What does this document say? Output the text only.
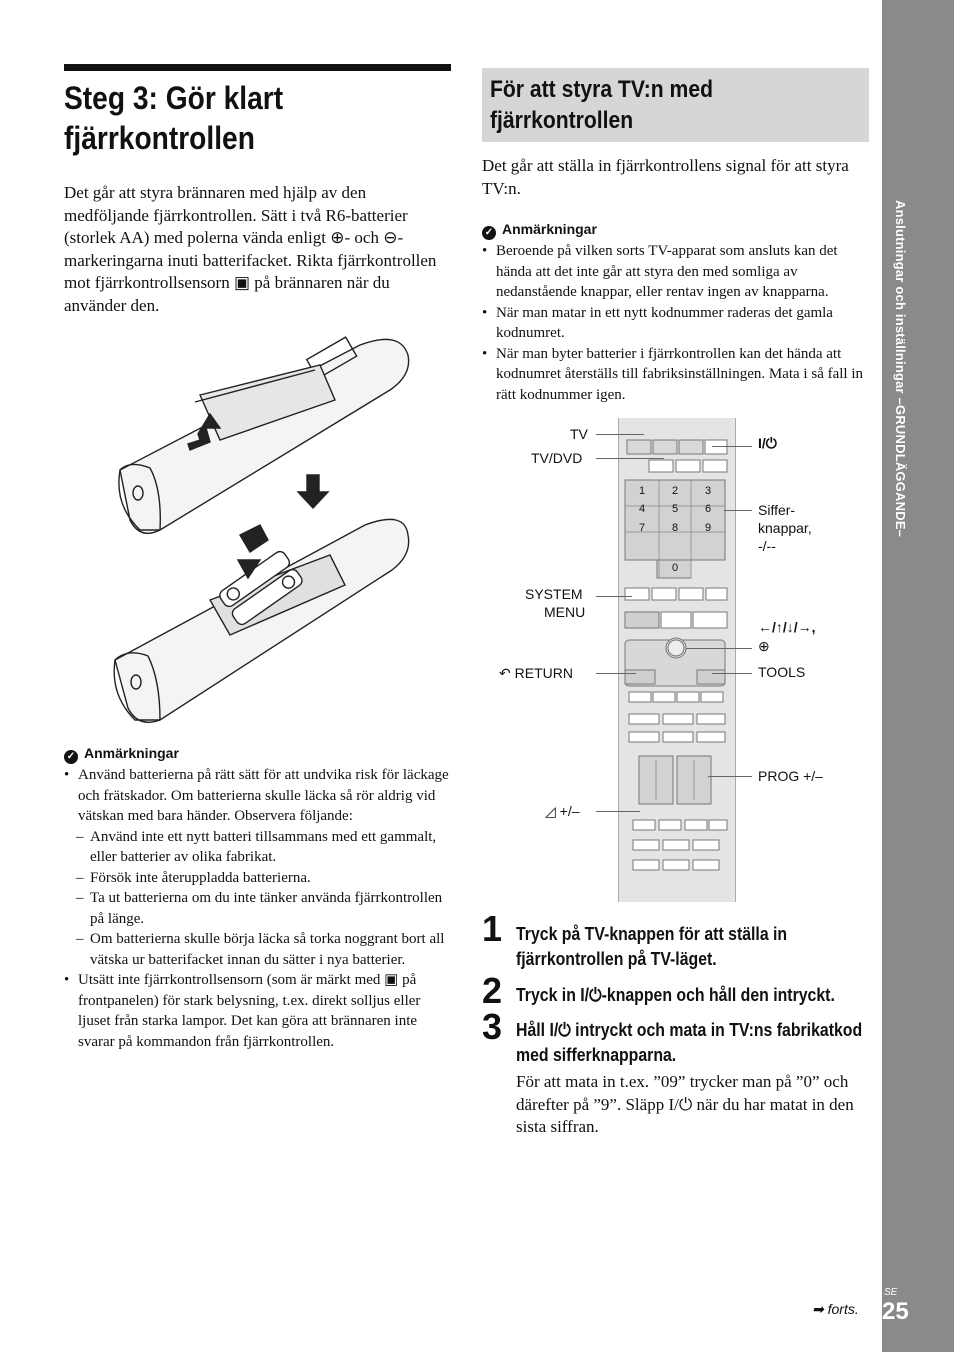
Anslutningar och inställningar –GRUNDLÄGGANDE–
Steg 3: Gör klart fjärrkontrollen
Det går att styra brännaren med hjälp av den medföljande fjärrkontrollen. Sätt i två R6-batterier (storlek AA) med polerna vända enligt ⊕- och ⊖-markeringarna inuti batterifacket. Rikta fjärrkontrollen mot fjärrkontrollsensorn ▣ på brännaren när du använder den.
✓ Anmärkningar
• Använd batterierna på rätt sätt för att undvika risk för läckage och frätskador. Om batterierna skulle läcka så rör aldrig vid vätskan med bara händer. Observera följande:
– Använd inte ett nytt batteri tillsammans med ett gammalt, eller batterier av olika fabrikat.
– Försök inte återuppladda batterierna.
– Ta ut batterierna om du inte tänker använda fjärrkontrollen på länge.
– Om batterierna skulle börja läcka så torka noggrant bort all vätska ur batterifacket innan du sätter i nya batterier.
• Utsätt inte fjärrkontrollsensorn (som är märkt med ▣ på frontpanelen) för stark belysning, t.ex. direkt solljus eller ljuset från starka lampor. Det kan göra att brännaren inte svarar på kommandon från fjärrkontrollen.
För att styra TV:n med fjärrkontrollen
Det går att ställa in fjärrkontrollens signal för att styra TV:n.
✓ Anmärkningar
• Beroende på vilken sorts TV-apparat som ansluts kan det hända att det inte går att styra den med somliga av nedanstående knappar, eller rentav ingen av knapparna.
• När man matar in ett nytt kodnummer raderas det gamla kodnumret.
• När man byter batterier i fjärrkontrollen kan det hända att kodnumret återställs till fabriksinställningen. Mata i så fall in rätt kodnummer igen.
1 2 3
4 5 6
7 8 9
0
TV
TV/DVD
I/⏻
Siffer-
knappar,
-/--
SYSTEM
MENU
←/↑/↓/→,
⊕
↶ RETURN	TOOLS
PROG +/–
◿ +/–
1 Tryck på TV-knappen för att ställa in fjärrkontrollen på TV-läget.
2 Tryck in I/⏻-knappen och håll den intryckt.
3 Håll I/⏻ intryckt och mata in TV:ns fabrikatkod med sifferknapparna.
För att mata in t.ex. ”09” trycker man på ”0” och därefter på ”9”. Släpp I/⏻ när du har matat in den sista siffran.
➡ forts.
SE
25
